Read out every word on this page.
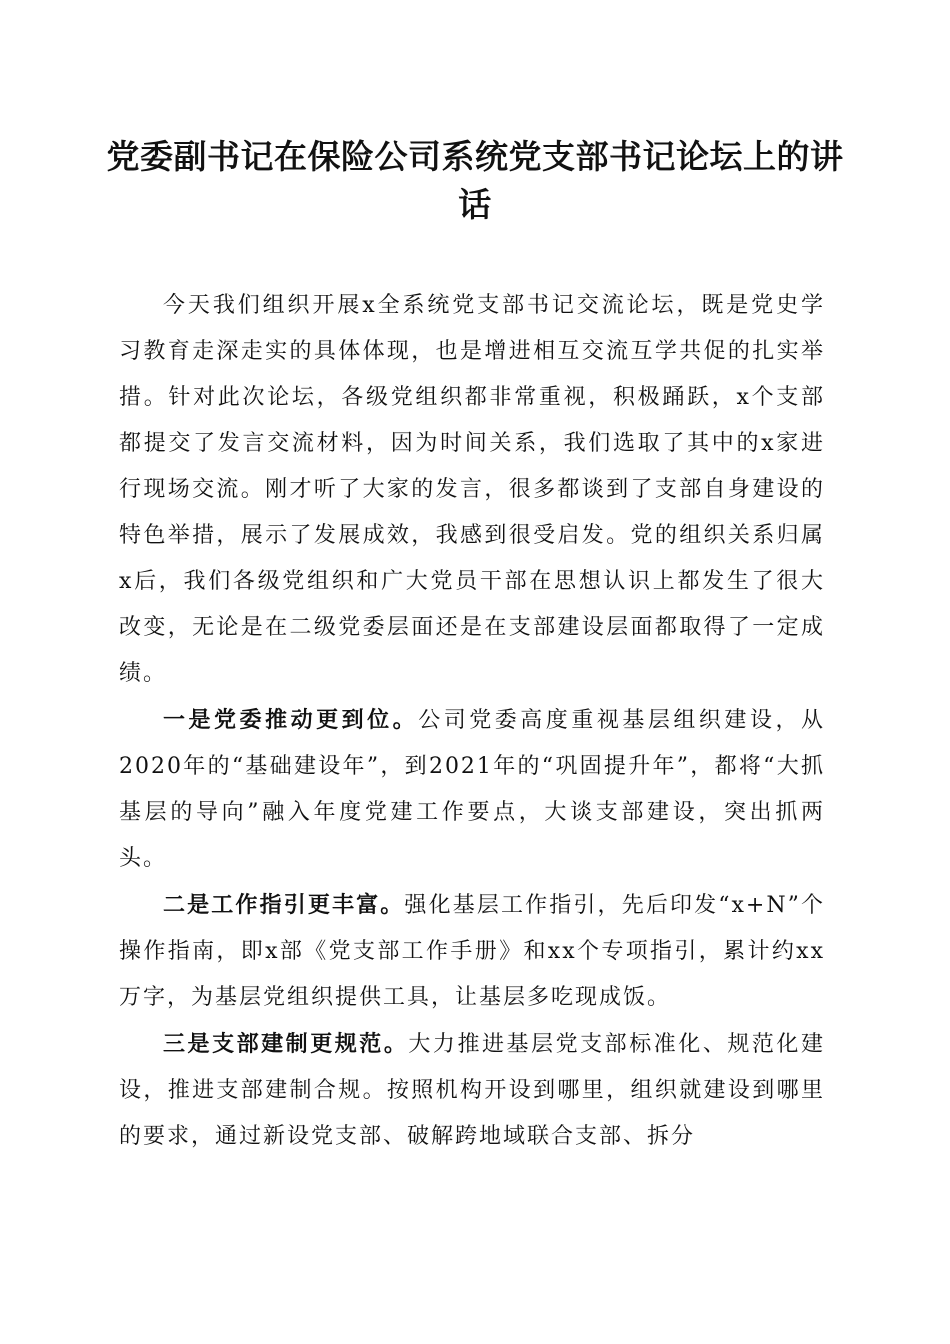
党委副书记在保险公司系统党支部书记论坛上的讲话

今天我们组织开展x全系统党支部书记交流论坛，既是党史学习教育走深走实的具体体现，也是增进相互交流互学共促的扎实举措。针对此次论坛，各级党组织都非常重视，积极踊跃，x个支部都提交了发言交流材料，因为时间关系，我们选取了其中的x家进行现场交流。刚才听了大家的发言，很多都谈到了支部自身建设的特色举措，展示了发展成效，我感到很受启发。党的组织关系归属x后，我们各级党组织和广大党员干部在思想认识上都发生了很大改变，无论是在二级党委层面还是在支部建设层面都取得了一定成绩。

一是党委推动更到位。公司党委高度重视基层组织建设，从2020年的“基础建设年”，到2021年的“巩固提升年”，都将“大抓基层的导向”融入年度党建工作要点，大谈支部建设，突出抓两头。

二是工作指引更丰富。强化基层工作指引，先后印发“x+N”个操作指南，即x部《党支部工作手册》和xx个专项指引，累计约xx万字，为基层党组织提供工具，让基层多吃现成饭。

三是支部建制更规范。大力推进基层党支部标准化、规范化建设，推进支部建制合规。按照机构开设到哪里，组织就建设到哪里的要求，通过新设党支部、破解跨地域联合支部、拆分
